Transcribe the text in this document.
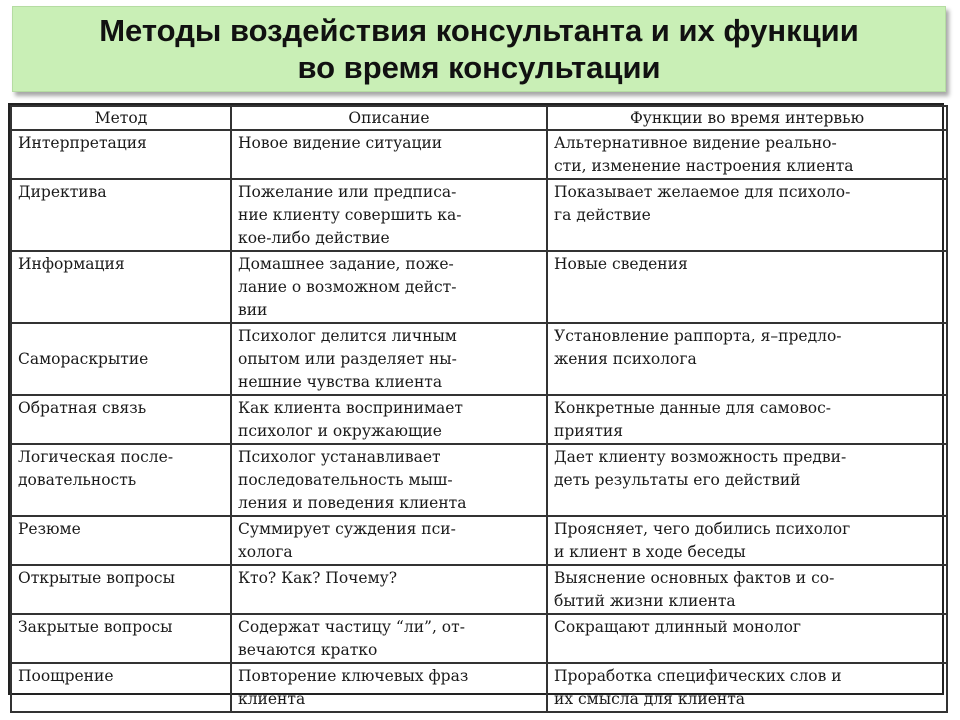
Методы воздействия консультанта и их функции
во время консультации
Метод	Описание	Функции во время интервью

Интерпретация	Новое видение ситуации	Альтернативное видение реально-
сти, изменение настроения клиента

Директива	Пожелание или предписа-
ние клиенту совершить ка-
кое-либо действие	Показывает желаемое для психоло-
га действие

Информация	Домашнее задание, поже-
лание о возможном дейст-
вии	Новые сведения

Самораскрытие	Психолог делится личным
опытом или разделяет ны-
нешние чувства клиента	Установление раппорта, я–предло-
жения психолога

Обратная связь	Как клиента воспринимает
психолог и окружающие	Конкретные данные для самовос-
приятия

Логическая после-
довательность	Психолог устанавливает
последовательность мыш-
ления и поведения клиента	Дает клиенту возможность предви-
деть результаты его действий

Резюме	Суммирует суждения пси-
холога	Проясняет, чего добились психолог
и клиент в ходе беседы

Открытые вопросы	Кто? Как? Почему?	Выяснение основных фактов и со-
бытий жизни клиента

Закрытые вопросы	Содержат частицу “ли”, от-
вечаются кратко	Сокращают длинный монолог

Поощрение	Повторение ключевых фраз
клиента	Проработка специфических слов и
их смысла для клиента
